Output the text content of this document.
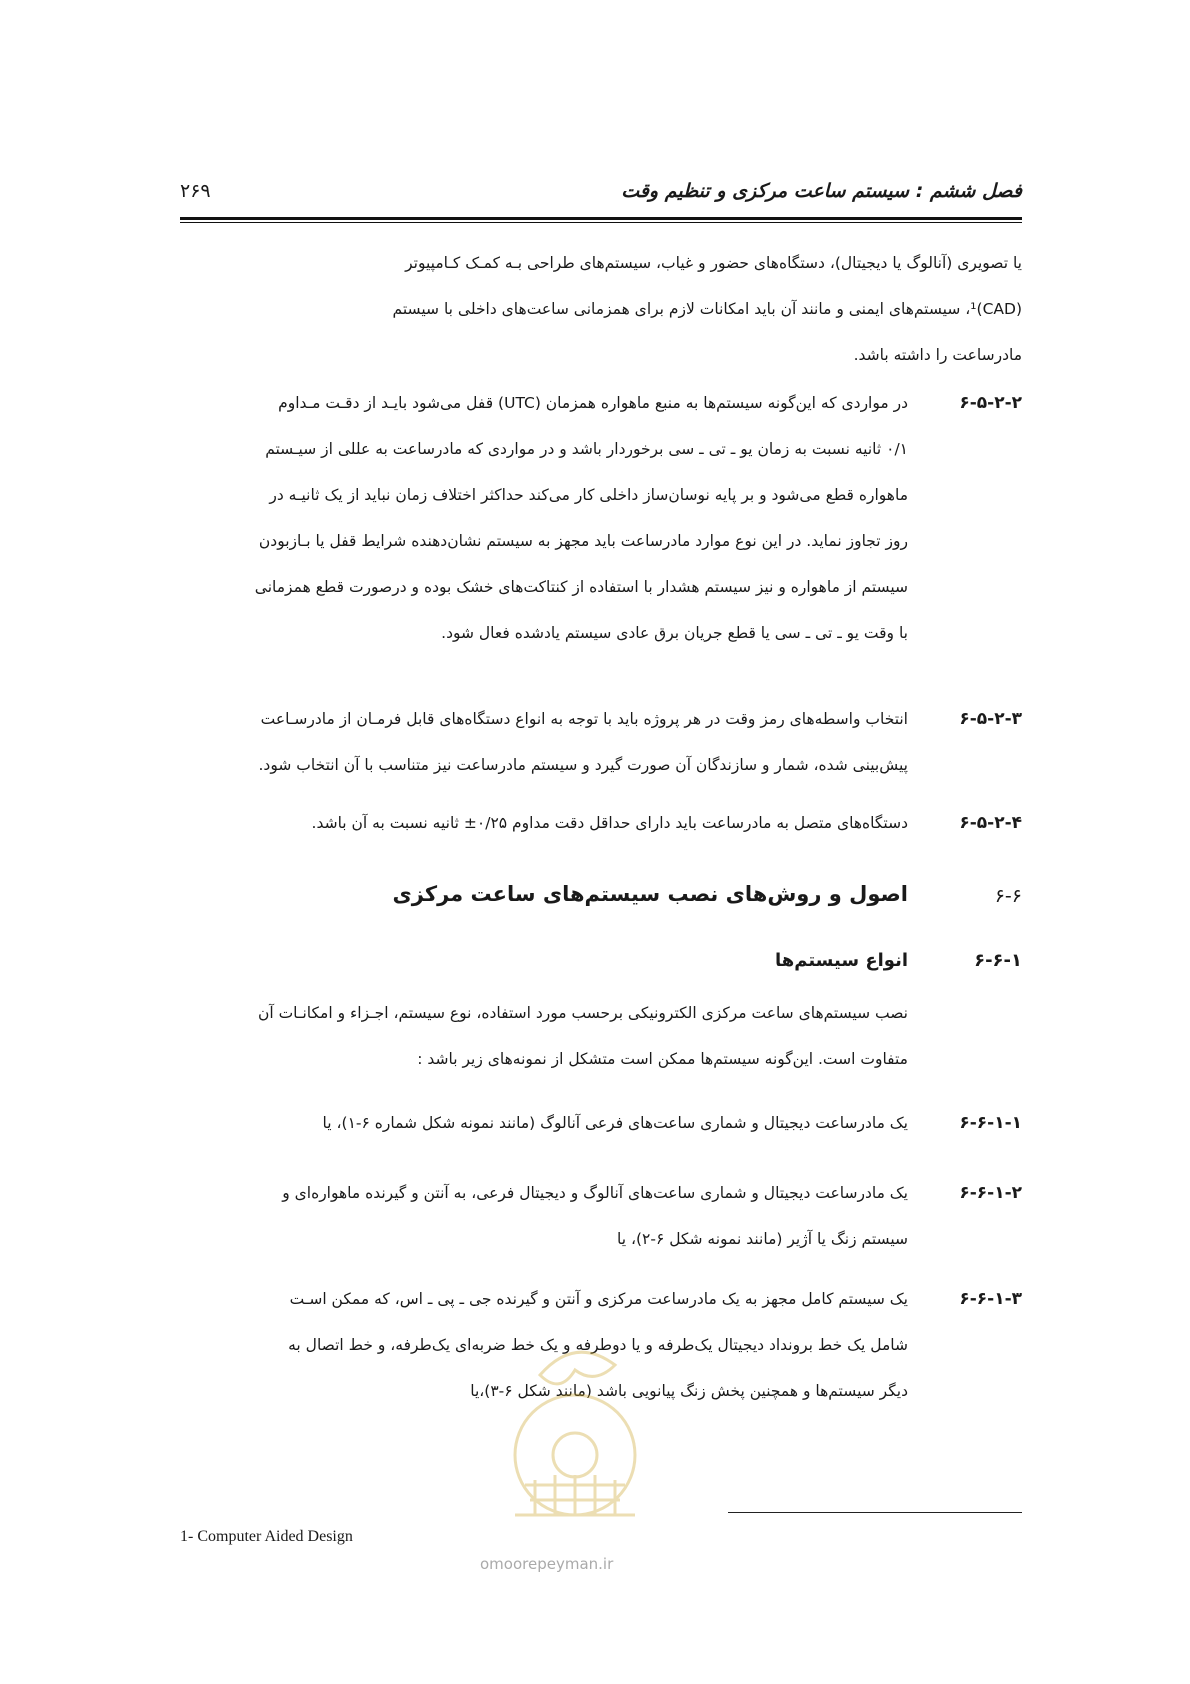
۲۶۹	فصل ششم : سیستم ساعت مرکزی و تنظیم وقت
یا تصویری (آنالوگ یا دیجیتال)، دستگاه‌های حضور و غیاب، سیستم‌های طراحی بـه کمـک کـامپیوتر
(CAD)¹، سیستم‌های ایمنی و مانند آن باید امکانات لازم برای همزمانی ساعت‌های داخلی با سیستم
مادرساعت را داشته باشد.
۶-۵-۲-۲
در مواردی که این‌گونه سیستم‌ها به منبع ماهواره همزمان (UTC) قفل می‌شود بایـد از دقـت مـداوم
۰/۱ ثانیه نسبت به زمان یو ـ تی ـ سی برخوردار باشد و در مواردی که مادرساعت به عللی از سیـستم
ماهواره قطع می‌شود و بر پایه نوسان‌ساز داخلی کار می‌کند حداکثر اختلاف زمان نباید از یک ثانیـه در
روز تجاوز نماید. در این نوع موارد مادرساعت باید مجهز به سیستم نشان‌دهنده شرایط قفل یا بـازبودن
سیستم از ماهواره و نیز سیستم هشدار با استفاده از کنتاکت‌های خشک بوده و درصورت قطع همزمانی
با وقت یو ـ تی ـ سی یا قطع جریان برق عادی سیستم یادشده فعال شود.
۶-۵-۲-۳
انتخاب واسطه‌های رمز وقت در هر پروژه باید با توجه به انواع دستگاه‌های قابل فرمـان از مادرسـاعت
پیش‌بینی شده، شمار و سازندگان آن صورت گیرد و سیستم مادرساعت نیز متناسب با آن انتخاب شود.
۶-۵-۲-۴
دستگاه‌های متصل به مادرساعت باید دارای حداقل دقت مداوم ۰/۲۵± ثانیه نسبت به آن باشد.
۶-۶
اصول و روش‌های نصب سیستم‌های ساعت مرکزی
۶-۶-۱
انواع سیستم‌ها
نصب سیستم‌های ساعت مرکزی الکترونیکی برحسب مورد استفاده، نوع سیستم، اجـزاء و امکانـات آن
متفاوت است. این‌گونه سیستم‌ها ممکن است متشکل از نمونه‌های زیر باشد :
۶-۶-۱-۱
یک مادرساعت دیجیتال و شماری ساعت‌های فرعی آنالوگ (مانند نمونه شکل شماره ۶-۱)، یا
۶-۶-۱-۲
یک مادرساعت دیجیتال و شماری ساعت‌های آنالوگ و دیجیتال فرعی، به آنتن و گیرنده ماهواره‌ای و
سیستم زنگ یا آژیر (مانند نمونه شکل ۶-۲)، یا
۶-۶-۱-۳
یک سیستم کامل مجهز به یک مادرساعت مرکزی و آنتن و گیرنده جی ـ پی ـ اس، که ممکن اسـت
شامل یک خط برونداد دیجیتال یک‌طرفه و یا دوطرفه و یک خط ضربه‌ای یک‌طرفه، و خط اتصال به
دیگر سیستم‌ها و همچنین پخش زنگ پیانویی باشد (مانند شکل ۶-۳)،یا
omoorepeyman.ir
1- Computer Aided Design
